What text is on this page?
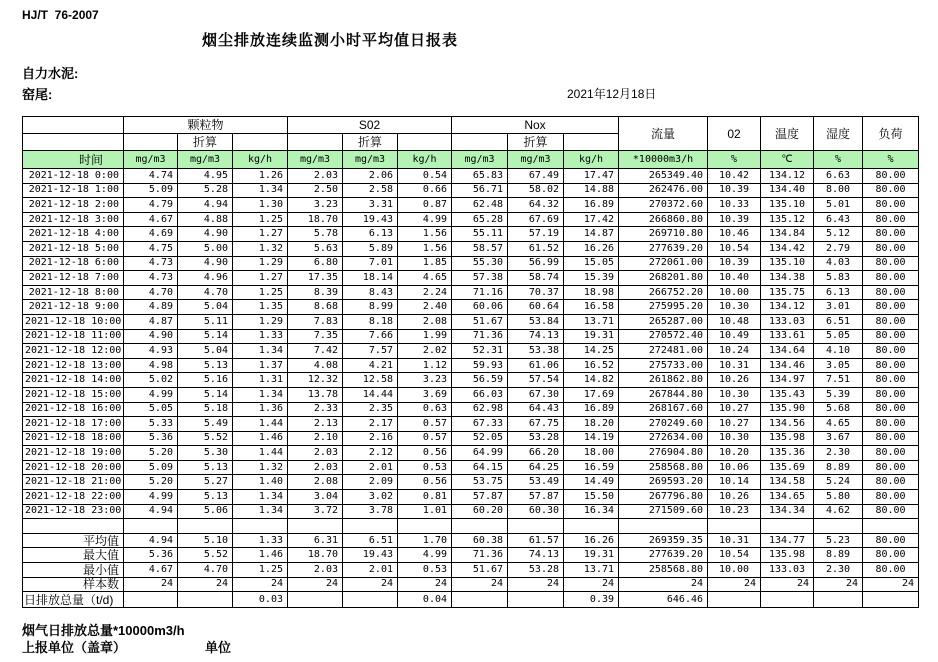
HJ/T  76-2007
烟尘排放连续监测小时平均值日报表
自力水泥:
窑尾:	2021年12月18日
	颗粒物			S02			Nox			流量	02	温度	湿度	负荷
		折算			折算			折算						
时间	mg/m3	mg/m3	kg/h	mg/m3	mg/m3	kg/h	mg/m3	mg/m3	kg/h	*10000m3/h	%	℃	%	%
2021-12-18 0:00	4.74	4.95	1.26	2.03	2.06	0.54	65.83	67.49	17.47	265349.40	10.42	134.12	6.63	80.00
2021-12-18 1:00	5.09	5.28	1.34	2.50	2.58	0.66	56.71	58.02	14.88	262476.00	10.39	134.40	8.00	80.00
2021-12-18 2:00	4.79	4.94	1.30	3.23	3.31	0.87	62.48	64.32	16.89	270372.60	10.33	135.10	5.01	80.00
2021-12-18 3:00	4.67	4.88	1.25	18.70	19.43	4.99	65.28	67.69	17.42	266860.80	10.39	135.12	6.43	80.00
2021-12-18 4:00	4.69	4.90	1.27	5.78	6.13	1.56	55.11	57.19	14.87	269710.80	10.46	134.84	5.12	80.00
2021-12-18 5:00	4.75	5.00	1.32	5.63	5.89	1.56	58.57	61.52	16.26	277639.20	10.54	134.42	2.79	80.00
2021-12-18 6:00	4.73	4.90	1.29	6.80	7.01	1.85	55.30	56.99	15.05	272061.00	10.39	135.10	4.03	80.00
2021-12-18 7:00	4.73	4.96	1.27	17.35	18.14	4.65	57.38	58.74	15.39	268201.80	10.40	134.38	5.83	80.00
2021-12-18 8:00	4.70	4.70	1.25	8.39	8.43	2.24	71.16	70.37	18.98	266752.20	10.00	135.75	6.13	80.00
2021-12-18 9:00	4.89	5.04	1.35	8.68	8.99	2.40	60.06	60.64	16.58	275995.20	10.30	134.12	3.01	80.00
2021-12-18 10:00	4.87	5.11	1.29	7.83	8.18	2.08	51.67	53.84	13.71	265287.00	10.48	133.03	6.51	80.00
2021-12-18 11:00	4.90	5.14	1.33	7.35	7.66	1.99	71.36	74.13	19.31	270572.40	10.49	133.61	5.05	80.00
2021-12-18 12:00	4.93	5.04	1.34	7.42	7.57	2.02	52.31	53.38	14.25	272481.00	10.24	134.64	4.10	80.00
2021-12-18 13:00	4.98	5.13	1.37	4.08	4.21	1.12	59.93	61.06	16.52	275733.00	10.31	134.46	3.05	80.00
2021-12-18 14:00	5.02	5.16	1.31	12.32	12.58	3.23	56.59	57.54	14.82	261862.80	10.26	134.97	7.51	80.00
2021-12-18 15:00	4.99	5.14	1.34	13.78	14.44	3.69	66.03	67.30	17.69	267844.80	10.30	135.43	5.39	80.00
2021-12-18 16:00	5.05	5.18	1.36	2.33	2.35	0.63	62.98	64.43	16.89	268167.60	10.27	135.90	5.68	80.00
2021-12-18 17:00	5.33	5.49	1.44	2.13	2.17	0.57	67.33	67.75	18.20	270249.60	10.27	134.56	4.65	80.00
2021-12-18 18:00	5.36	5.52	1.46	2.10	2.16	0.57	52.05	53.28	14.19	272634.00	10.30	135.98	3.67	80.00
2021-12-18 19:00	5.20	5.30	1.44	2.03	2.12	0.56	64.99	66.20	18.00	276904.80	10.20	135.36	2.30	80.00
2021-12-18 20:00	5.09	5.13	1.32	2.03	2.01	0.53	64.15	64.25	16.59	258568.80	10.06	135.69	8.89	80.00
2021-12-18 21:00	5.20	5.27	1.40	2.08	2.09	0.56	53.75	53.49	14.49	269593.20	10.14	134.58	5.24	80.00
2021-12-18 22:00	4.99	5.13	1.34	3.04	3.02	0.81	57.87	57.87	15.50	267796.80	10.26	134.65	5.80	80.00
2021-12-18 23:00	4.94	5.06	1.34	3.72	3.78	1.01	60.20	60.30	16.34	271509.60	10.23	134.34	4.62	80.00

平均值	4.94	5.10	1.33	6.31	6.51	1.70	60.38	61.57	16.26	269359.35	10.31	134.77	5.23	80.00
最大值	5.36	5.52	1.46	18.70	19.43	4.99	71.36	74.13	19.31	277639.20	10.54	135.98	8.89	80.00
最小值	4.67	4.70	1.25	2.03	2.01	0.53	51.67	53.28	13.71	258568.80	10.00	133.03	2.30	80.00
样本数	24	24	24	24	24	24	24	24	24	24	24	24	24	24
日排放总量（t/d)			0.03			0.04			0.39	646.46				
烟气日排放总量*10000m3/h
上报单位（盖章）	单位
